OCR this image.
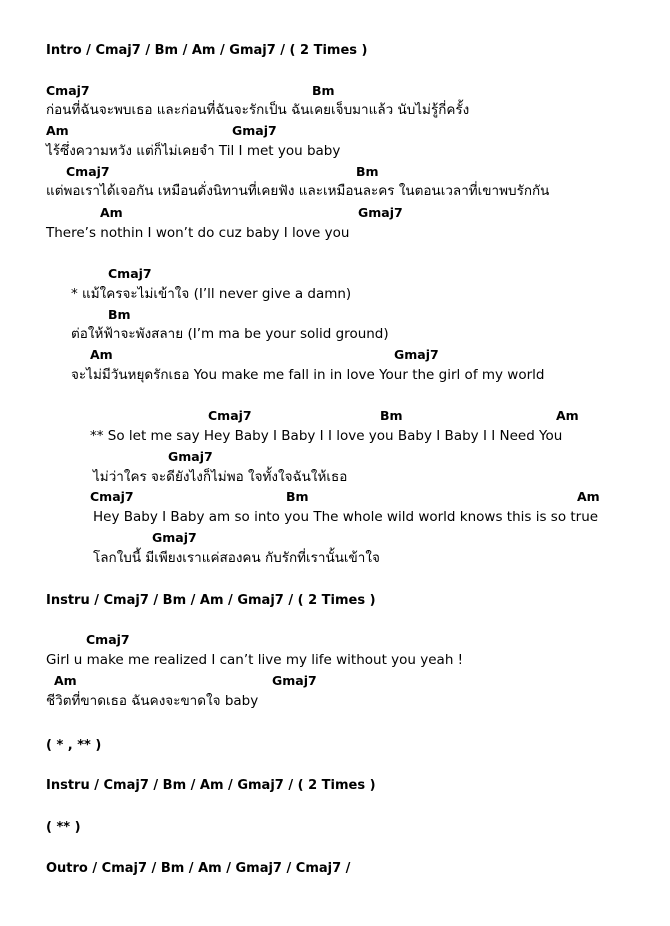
Intro / Cmaj7 / Bm / Am / Gmaj7 / ( 2 Times )
Cmaj7	Bm
ก่อนที่ฉันจะพบเธอ และก่อนที่ฉันจะรักเป็น ฉันเคยเจ็บมาแล้ว นับไม่รู้กี่ครั้ง
Am	Gmaj7
ไร้ซึ่งความหวัง แต่ก็ไม่เคยจำ Til I met you baby
Cmaj7	Bm
แต่พอเราได้เจอกัน เหมือนดั่งนิทานที่เคยฟัง และเหมือนละคร ในตอนเวลาที่เขาพบรักกัน
Am	Gmaj7
There’s nothin I won’t do cuz baby I love you
Cmaj7
* แม้ใครจะไม่เข้าใจ (I’ll never give a damn)
Bm
ต่อให้ฟ้าจะพังสลาย (I’m ma be your solid ground)
Am	Gmaj7
จะไม่มีวันหยุดรักเธอ You make me fall in in love Your the girl of my world
Cmaj7	Bm	Am
** So let me say Hey Baby I Baby I I love you Baby I Baby I I Need You
Gmaj7
ไม่ว่าใคร จะดียังไงก็ไม่พอ ใจทั้งใจฉันให้เธอ
Cmaj7	Bm	Am
Hey Baby I Baby am so into you The whole wild world knows this is so true
Gmaj7
โลกใบนี้ มีเพียงเราแค่สองคน กับรักที่เรานั้นเข้าใจ
Instru / Cmaj7 / Bm / Am / Gmaj7 / ( 2 Times )
Cmaj7
Girl u make me realized I can’t live my life without you yeah !
Am	Gmaj7
ชีวิตที่ขาดเธอ ฉันคงจะขาดใจ baby
( * , ** )
Instru / Cmaj7 / Bm / Am / Gmaj7 / ( 2 Times )
( ** )
Outro / Cmaj7 / Bm / Am / Gmaj7 / Cmaj7 /
